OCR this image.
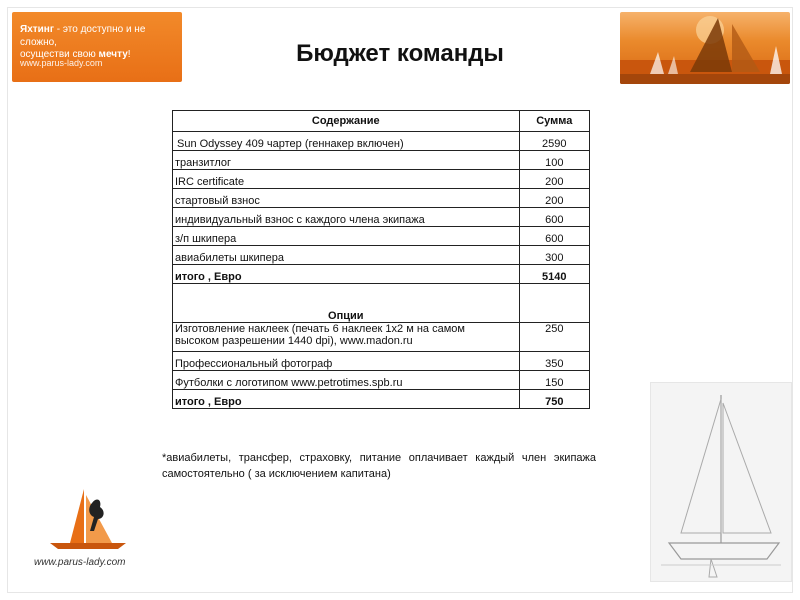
Яхтинг - это доступно и не сложно,
осуществи свою мечту!
www.parus-lady.com	Бюджет команды
Содержание	Сумма
Sun Odyssey 409 чартер (геннакер включен)	2590
транзитлог	100
IRC certificate	200
стартовый взнос	200
индивидуальный взнос с каждого члена экипажа	600
з/п шкипера	600
авиабилеты шкипера	300
итого , Евро	5140
Опции	

Изготовление наклеек (печать 6 наклеек 1х2 м на самом
высоком разрешении 1440 dpi), www.madon.ru	250
Профессиональный фотограф	350
Футболки с логотипом www.petrotimes.spb.ru	150
итого , Евро	750
*авиабилеты, трансфер, страховку, питание оплачивает каждый член экипажа самостоятельно ( за исключением капитана)
www.parus-lady.com
